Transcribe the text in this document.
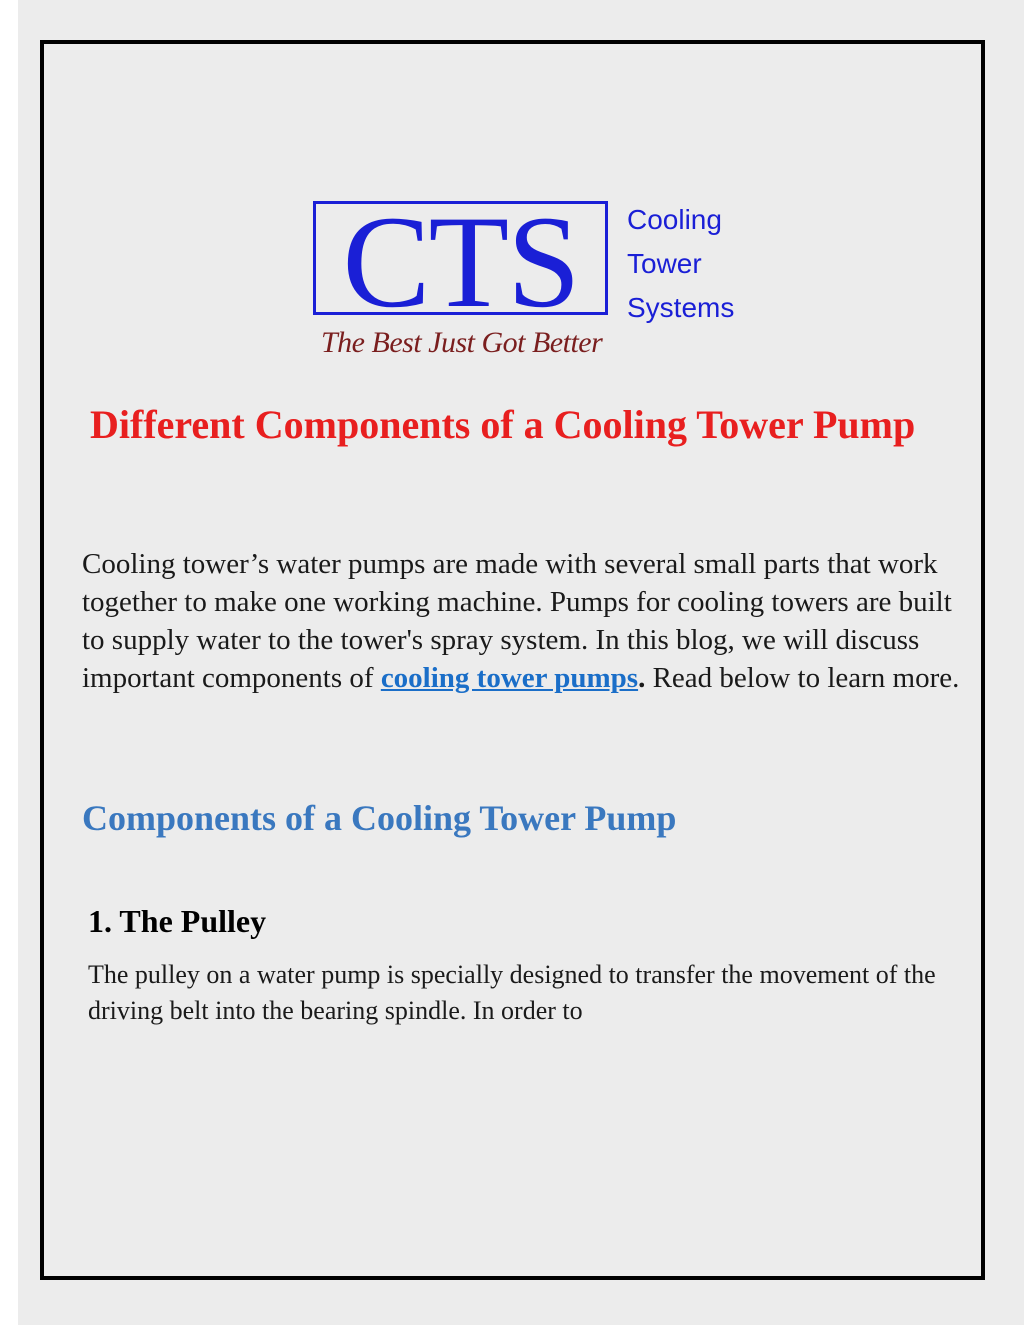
CTS Cooling
Tower
Systems
The Best Just Got Better
Different Components of a Cooling Tower Pump

Cooling tower’s water pumps are made with several small parts that work together to make one working machine. Pumps for cooling towers are built to supply water to the tower's spray system. In this blog, we will discuss important components of cooling tower pumps. Read below to learn more.

Components of a Cooling Tower Pump
1. The Pulley

The pulley on a water pump is specially designed to transfer the movement of the driving belt into the bearing spindle. In order to
